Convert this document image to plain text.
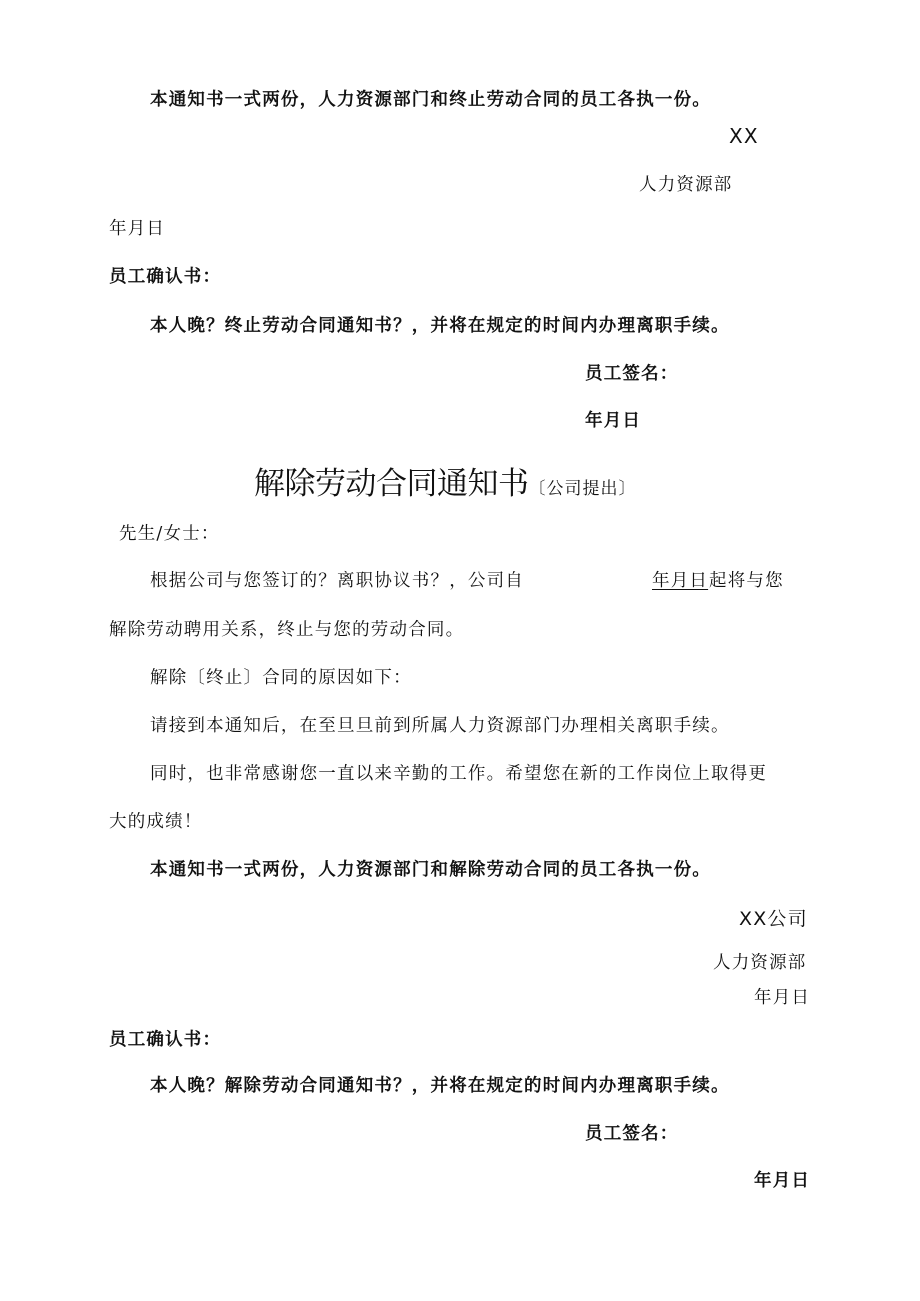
本通知书一式两份，人力资源部门和终止劳动合同的员工各执一份。
XX
人力资源部
年月日
员工确认书：
本人晚？终止劳动合同通知书？，并将在规定的时间内办理离职手续。
员工签名：
年月日
解除劳动合同通知书〔公司提出〕
先生/女士：
根据公司与您签订的？离职协议书？，公司自	年月日 起将与您
解除劳动聘用关系，终止与您的劳动合同。
解除〔终止〕合同的原因如下：
请接到本通知后，在至旦旦前到所属人力资源部门办理相关离职手续。
同时，也非常感谢您一直以来辛勤的工作。希望您在新的工作岗位上取得更
大的成绩！
本通知书一式两份，人力资源部门和解除劳动合同的员工各执一份。
XX公司
人力资源部
年月日
员工确认书：
本人晚？解除劳动合同通知书？，并将在规定的时间内办理离职手续。
员工签名：
年月日
